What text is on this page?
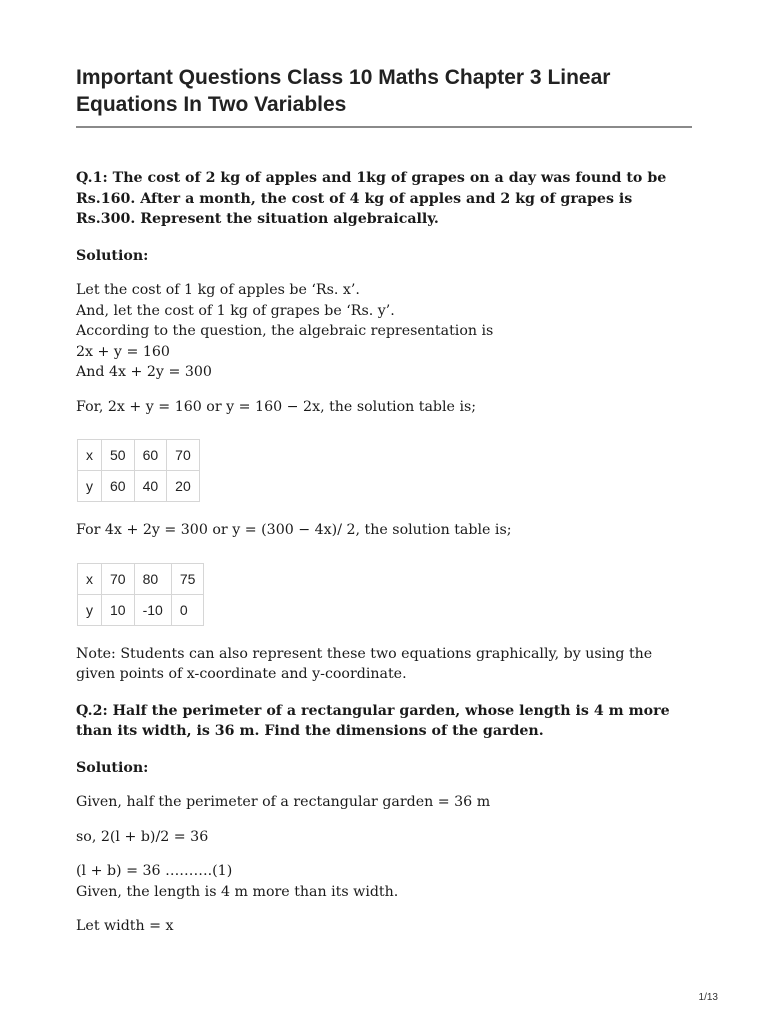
Important Questions Class 10 Maths Chapter 3 Linear Equations In Two Variables

Q.1: The cost of 2 kg of apples and 1kg of grapes on a day was found to be Rs.160. After a month, the cost of 4 kg of apples and 2 kg of grapes is Rs.300. Represent the situation algebraically.

Solution:

Let the cost of 1 kg of apples be ‘Rs. x’.
And, let the cost of 1 kg of grapes be ‘Rs. y’.
According to the question, the algebraic representation is
2x + y = 160
And 4x + 2y = 300

For, 2x + y = 160 or y = 160 − 2x, the solution table is;

x	50	60	70
y	60	40	20

For 4x + 2y = 300 or y = (300 − 4x)/ 2, the solution table is;

x	70	80	75
y	10	-10	0

Note: Students can also represent these two equations graphically, by using the given points of x-coordinate and y-coordinate.

Q.2: Half the perimeter of a rectangular garden, whose length is 4 m more than its width, is 36 m. Find the dimensions of the garden.

Solution:

Given, half the perimeter of a rectangular garden = 36 m

so, 2(l + b)/2 = 36

(l + b) = 36 ……….(1)
Given, the length is 4 m more than its width.

Let width = x

1/13
